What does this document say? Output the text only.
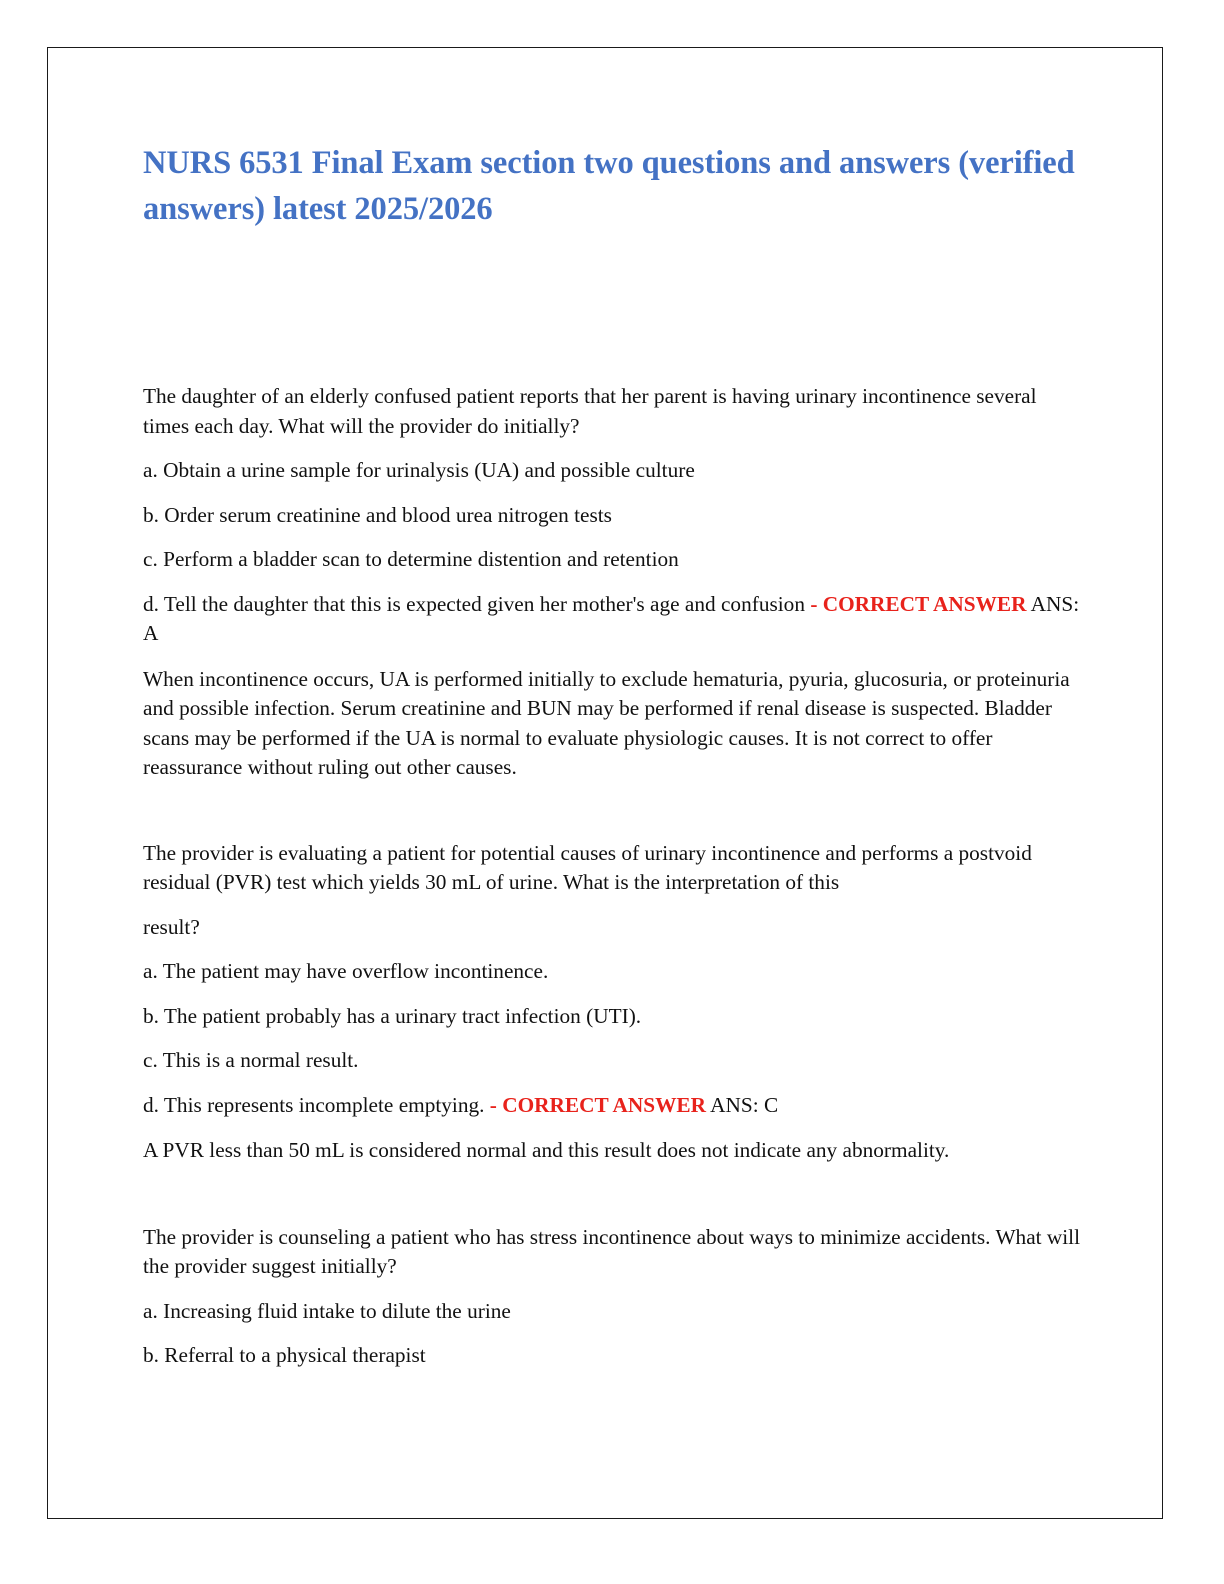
NURS 6531 Final Exam section two questions and answers (verified answers) latest 2025/2026

The daughter of an elderly confused patient reports that her parent is having urinary incontinence several times each day. What will the provider do initially?

a. Obtain a urine sample for urinalysis (UA) and possible culture

b. Order serum creatinine and blood urea nitrogen tests

c. Perform a bladder scan to determine distention and retention

d. Tell the daughter that this is expected given her mother's age and confusion - CORRECT ANSWER ANS: A

When incontinence occurs, UA is performed initially to exclude hematuria, pyuria, glucosuria, or proteinuria and possible infection. Serum creatinine and BUN may be performed if renal disease is suspected. Bladder scans may be performed if the UA is normal to evaluate physiologic causes. It is not correct to offer reassurance without ruling out other causes.

The provider is evaluating a patient for potential causes of urinary incontinence and performs a postvoid residual (PVR) test which yields 30 mL of urine. What is the interpretation of this

result?

a. The patient may have overflow incontinence.

b. The patient probably has a urinary tract infection (UTI).

c. This is a normal result.

d. This represents incomplete emptying. - CORRECT ANSWER ANS: C

A PVR less than 50 mL is considered normal and this result does not indicate any abnormality.

The provider is counseling a patient who has stress incontinence about ways to minimize accidents. What will the provider suggest initially?

a. Increasing fluid intake to dilute the urine

b. Referral to a physical therapist
